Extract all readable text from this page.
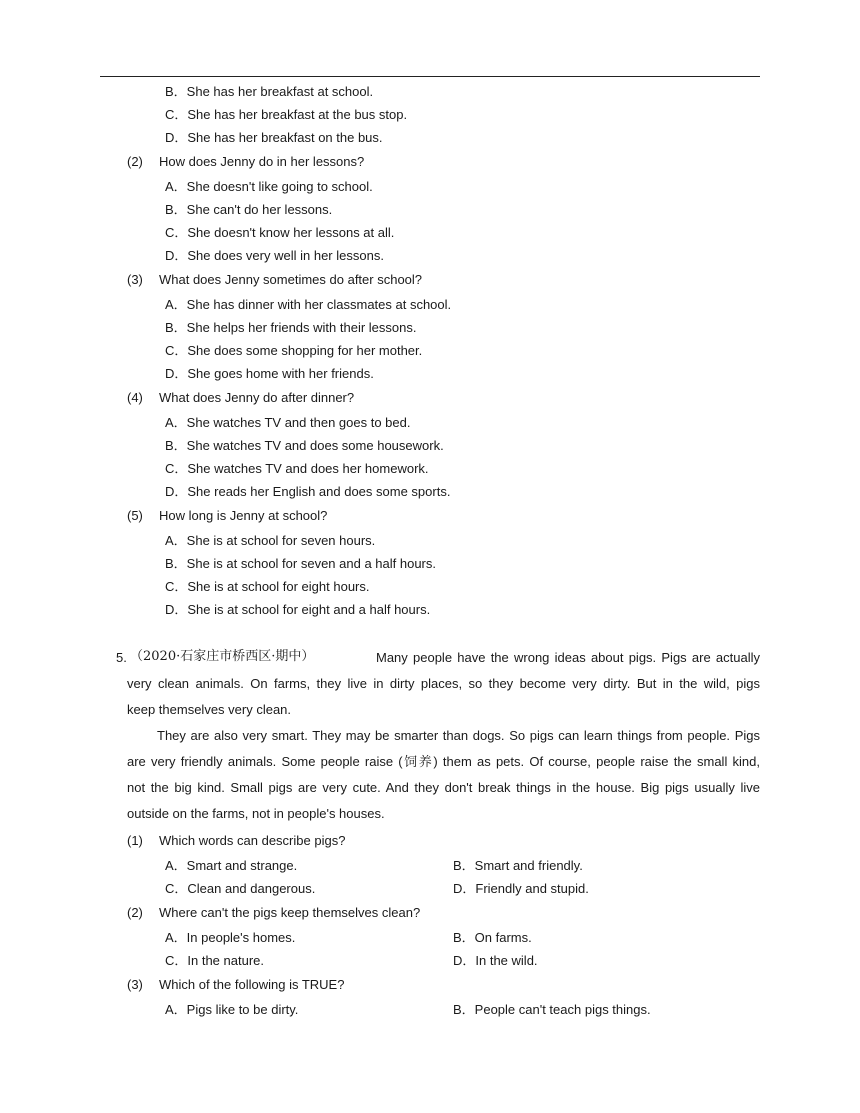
B．She has her breakfast at school.
C．She has her breakfast at the bus stop.
D．She has her breakfast on the bus.
(2) How does Jenny do in her lessons?
A．She doesn't like going to school.
B．She can't do her lessons.
C．She doesn't know her lessons at all.
D．She does very well in her lessons.
(3) What does Jenny sometimes do after school?
A．She has dinner with her classmates at school.
B．She helps her friends with their lessons.
C．She does some shopping for her mother.
D．She goes home with her friends.
(4) What does Jenny do after dinner?
A．She watches TV and then goes to bed.
B．She watches TV and does some housework.
C．She watches TV and does her homework.
D．She reads her English and does some sports.
(5) How long is Jenny at school?
A．She is at school for seven hours.
B．She is at school for seven and a half hours.
C．She is at school for eight hours.
D．She is at school for eight and a half hours.
5. （2020·石家庄市桥西区·期中）	Many people have the wrong ideas about pigs. Pigs are actually
very clean animals. On farms, they live in dirty places, so they become very dirty. But in the wild, pigs
keep themselves very clean.
They are also very smart. They may be smarter than dogs. So pigs can learn things from people. Pigs
are very friendly animals. Some people raise (饲养) them as pets. Of course, people raise the small kind,
not the big kind. Small pigs are very cute. And they don't break things in the house. Big pigs usually live
outside on the farms, not in people's houses.
(1) Which words can describe pigs?
A．Smart and strange.	B．Smart and friendly.
C．Clean and dangerous.	D．Friendly and stupid.
(2) Where can't the pigs keep themselves clean?
A．In people's homes.	B．On farms.
C．In the nature.	D．In the wild.
(3) Which of the following is TRUE?
A．Pigs like to be dirty.	B．People can't teach pigs things.
